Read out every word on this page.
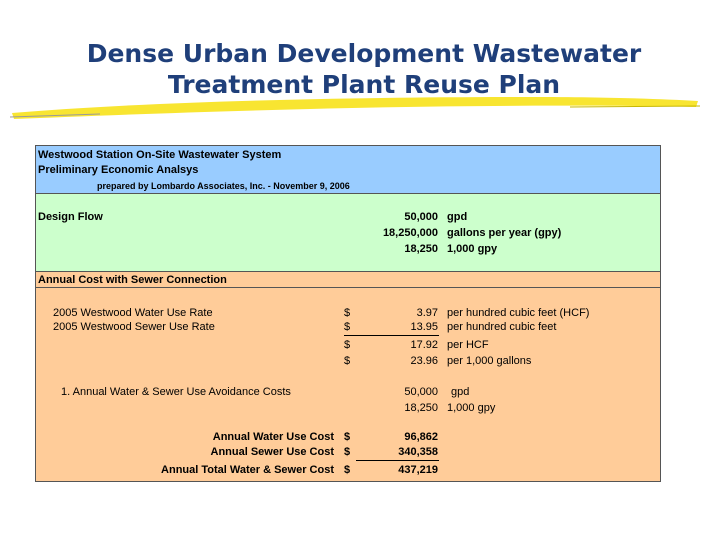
Dense Urban Development Wastewater
Treatment Plant Reuse Plan
Westwood Station On-Site Wastewater System
Preliminary Economic Analsys
prepared by Lombardo Associates, Inc. - November 9, 2006
Design Flow	50,000 gpd
18,250,000 gallons per year (gpy)
18,250 1,000 gpy
Annual Cost with Sewer Connection
2005 Westwood Water Use Rate	$	3.97 per hundred cubic feet (HCF)
2005 Westwood Sewer Use Rate	$	13.95 per hundred cubic feet
$	17.92 per HCF
$	23.96 per 1,000 gallons
1. Annual Water & Sewer Use Avoidance Costs	50,000 gpd
18,250 1,000 gpy
Annual Water Use Cost $	96,862
Annual Sewer Use Cost $	340,358
Annual Total Water & Sewer Cost $	437,219
